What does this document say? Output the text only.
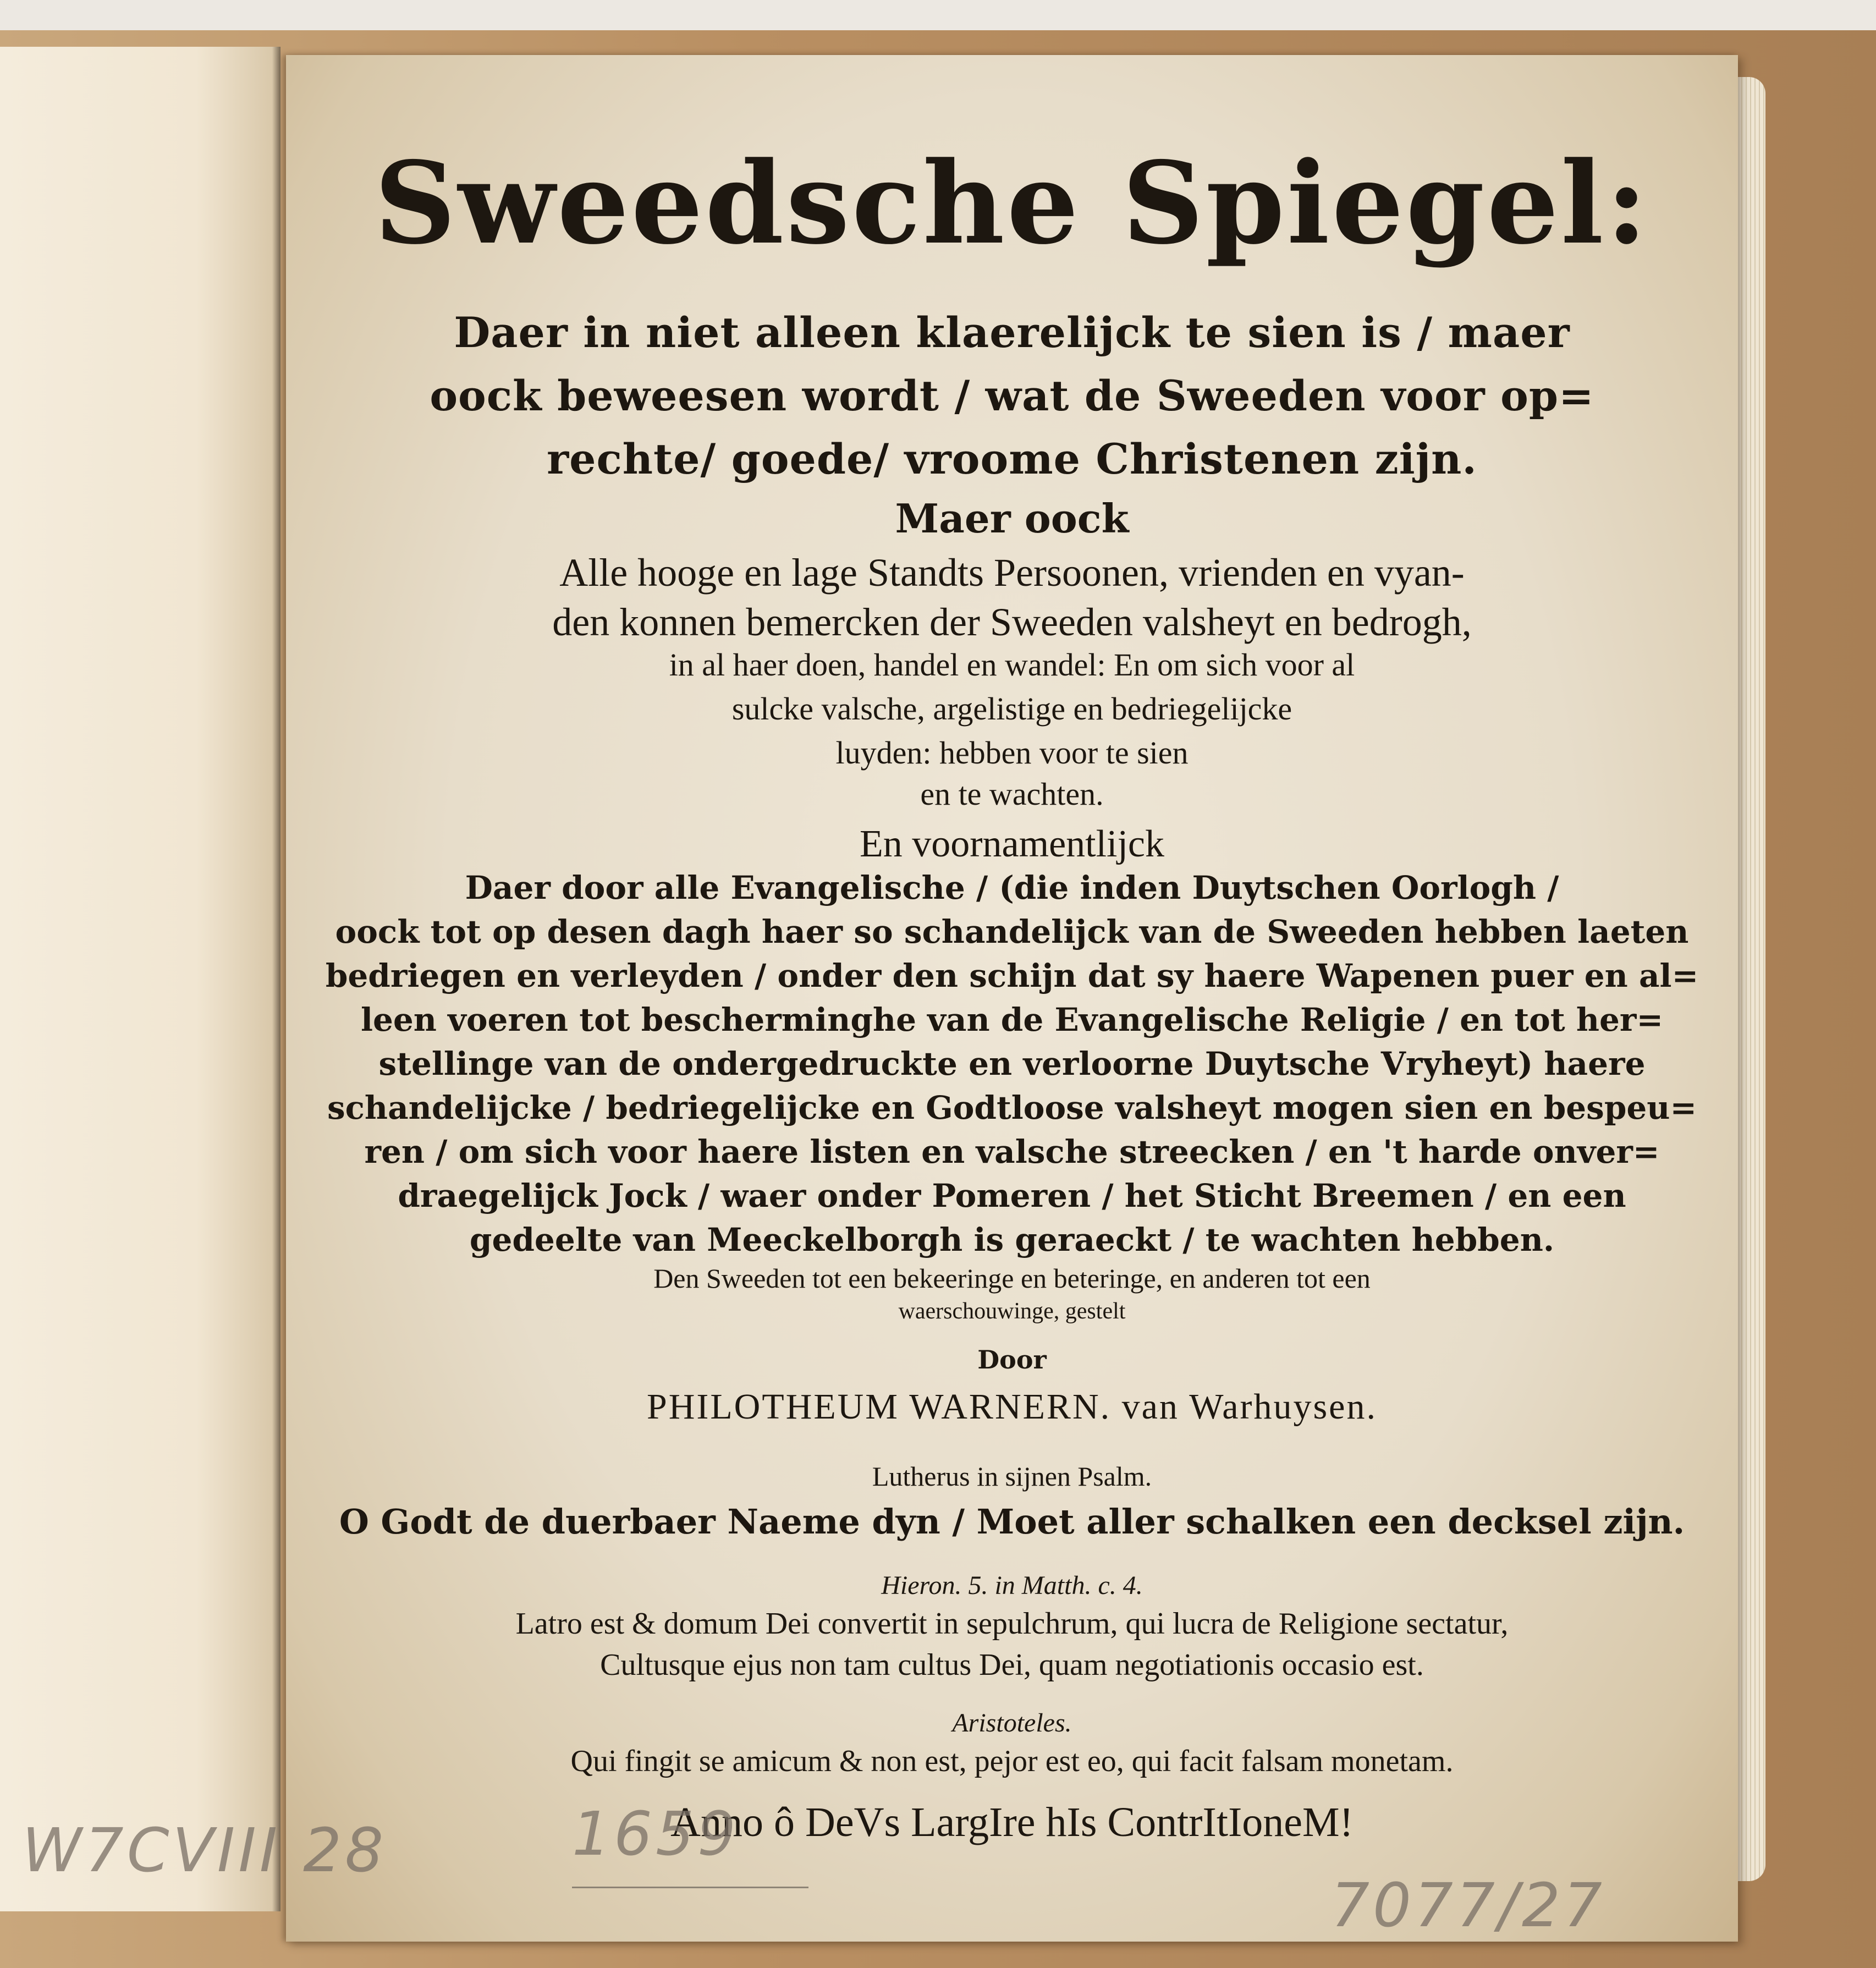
Sweedsche Spiegel:
Daer in niet alleen klaerelijck te sien is / maer
oock beweesen wordt / wat de Sweeden voor op=
rechte/ goede/ vroome Christenen zijn.
Maer oock
Alle hooge en lage Standts Persoonen, vrienden en vyan-
den konnen bemercken der Sweeden valsheyt en bedrogh,
in al haer doen, handel en wandel: En om sich voor al
sulcke valsche, argelistige en bedriegelijcke
luyden: hebben voor te sien
en te wachten.
En voornamentlijck
Daer door alle Evangelische / (die inden Duytschen Oorlogh /
oock tot op desen dagh haer so schandelijck van de Sweeden hebben laeten
bedriegen en verleyden / onder den schijn dat sy haere Wapenen puer en al=
leen voeren tot bescherminghe van de Evangelische Religie / en tot her=
stellinge van de ondergedruckte en verloorne Duytsche Vryheyt) haere
schandelijcke / bedriegelijcke en Godtloose valsheyt mogen sien en bespeu=
ren / om sich voor haere listen en valsche streecken / en 't harde onver=
draegelijck Jock / waer onder Pomeren / het Sticht Breemen / en een
gedeelte van Meeckelborgh is geraeckt / te wachten hebben.
Den Sweeden tot een bekeeringe en beteringe, en anderen tot een
waerschouwinge, gestelt
Door
PHILOTHEUM WARNERN. van Warhuysen.
Lutherus in sijnen Psalm.
O Godt de duerbaer Naeme dyn / Moet aller schalken een decksel zijn.
Hieron. 5. in Matth. c. 4.
Latro est & domum Dei convertit in sepulchrum, qui lucra de Religione sectatur,
Cultusque ejus non tam cultus Dei, quam negotiationis occasio est.
Aristoteles.
Qui fingit se amicum & non est, pejor est eo, qui facit falsam monetam.
Anno ô DeVs LargIre hIs ContrItIoneM!
W7CVIII 28	1659
7077/27
